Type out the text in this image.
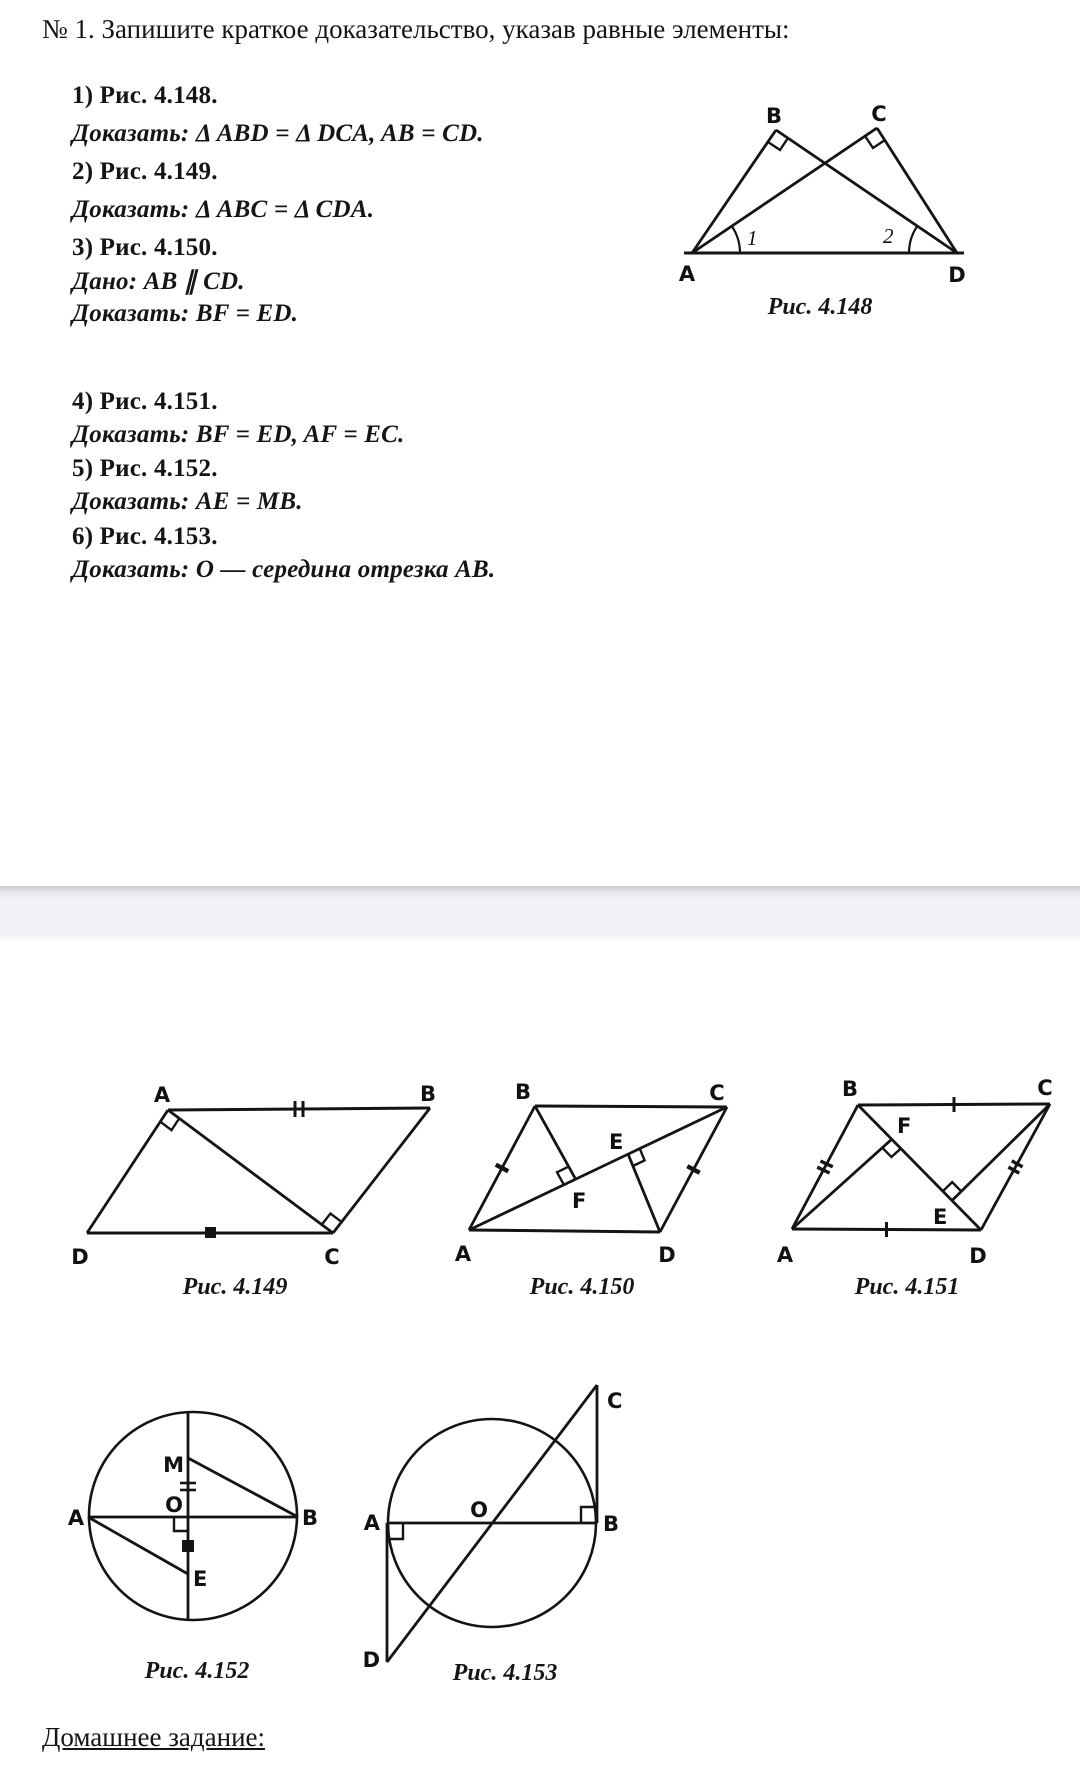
№ 1. Запишите краткое доказательство, указав равные элементы:
1) Рис. 4.148.
Доказать: Δ ABD = Δ DCA, AB = CD.
2) Рис. 4.149.
Доказать: Δ ABC = Δ CDA.
3) Рис. 4.150.
Дано: AB ∥ CD.
Доказать: BF = ED.
4) Рис. 4.151.
Доказать: BF = ED, AF = EC.
5) Рис. 4.152.
Доказать: AE = MB.
6) Рис. 4.153.
Доказать: O — середина отрезка AB.
B	C
A	D
1	2
Рис. 4.148
A	B
D	C
Рис. 4.149
B	C
A	D
E
F
Рис. 4.150
B	C
A	D
F
E
Рис. 4.151
A	B
M
O
E
Рис. 4.152
A	B
C
D
O
Рис. 4.153
Домашнее задание:
